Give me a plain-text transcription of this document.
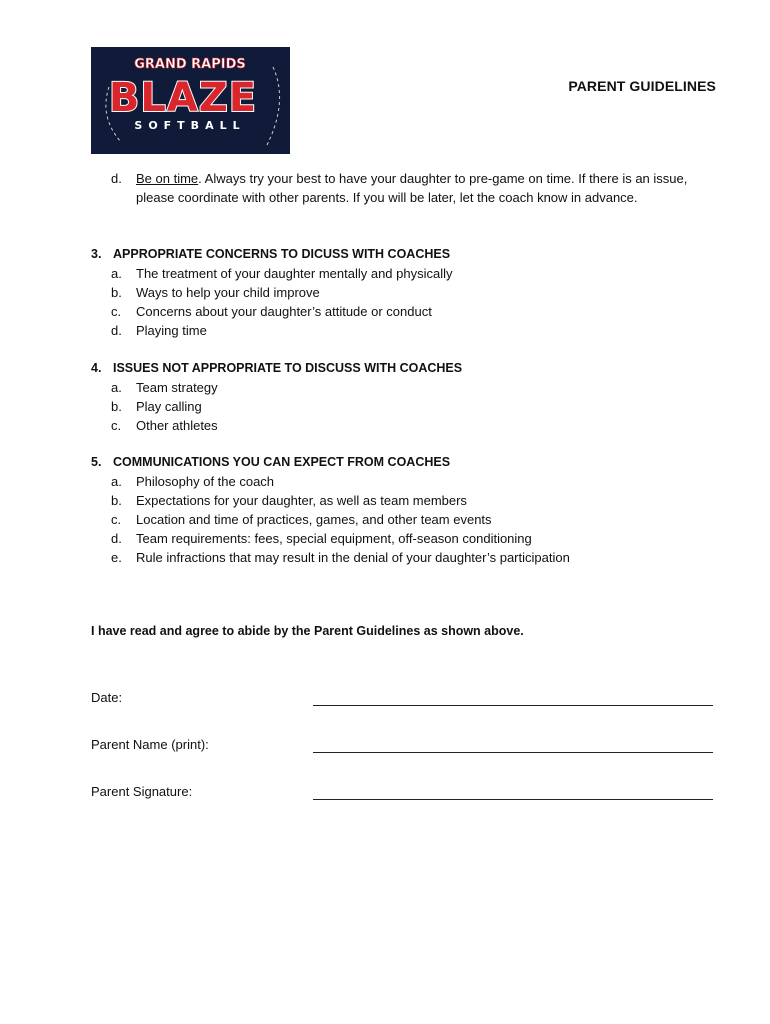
GRAND RAPIDS
BLAZE
SOFTBALL
PARENT GUIDELINES
d.	Be on time. Always try your best to have your daughter to pre-game on time. If there is an issue, please coordinate with other parents. If you will be later, let the coach know in advance.
3. APPROPRIATE CONCERNS TO DICUSS WITH COACHES
a.	The treatment of your daughter mentally and physically
b.	Ways to help your child improve
c.	Concerns about your daughter’s attitude or conduct
d.	Playing time
4. ISSUES NOT APPROPRIATE TO DISCUSS WITH COACHES
a.	Team strategy
b.	Play calling
c.	Other athletes
5. COMMUNICATIONS YOU CAN EXPECT FROM COACHES
a.	Philosophy of the coach
b.	Expectations for your daughter, as well as team members
c.	Location and time of practices, games, and other team events
d.	Team requirements: fees, special equipment, off-season conditioning
e.	Rule infractions that may result in the denial of your daughter’s participation
I have read and agree to abide by the Parent Guidelines as shown above.
Date:
Parent Name (print):
Parent Signature:
